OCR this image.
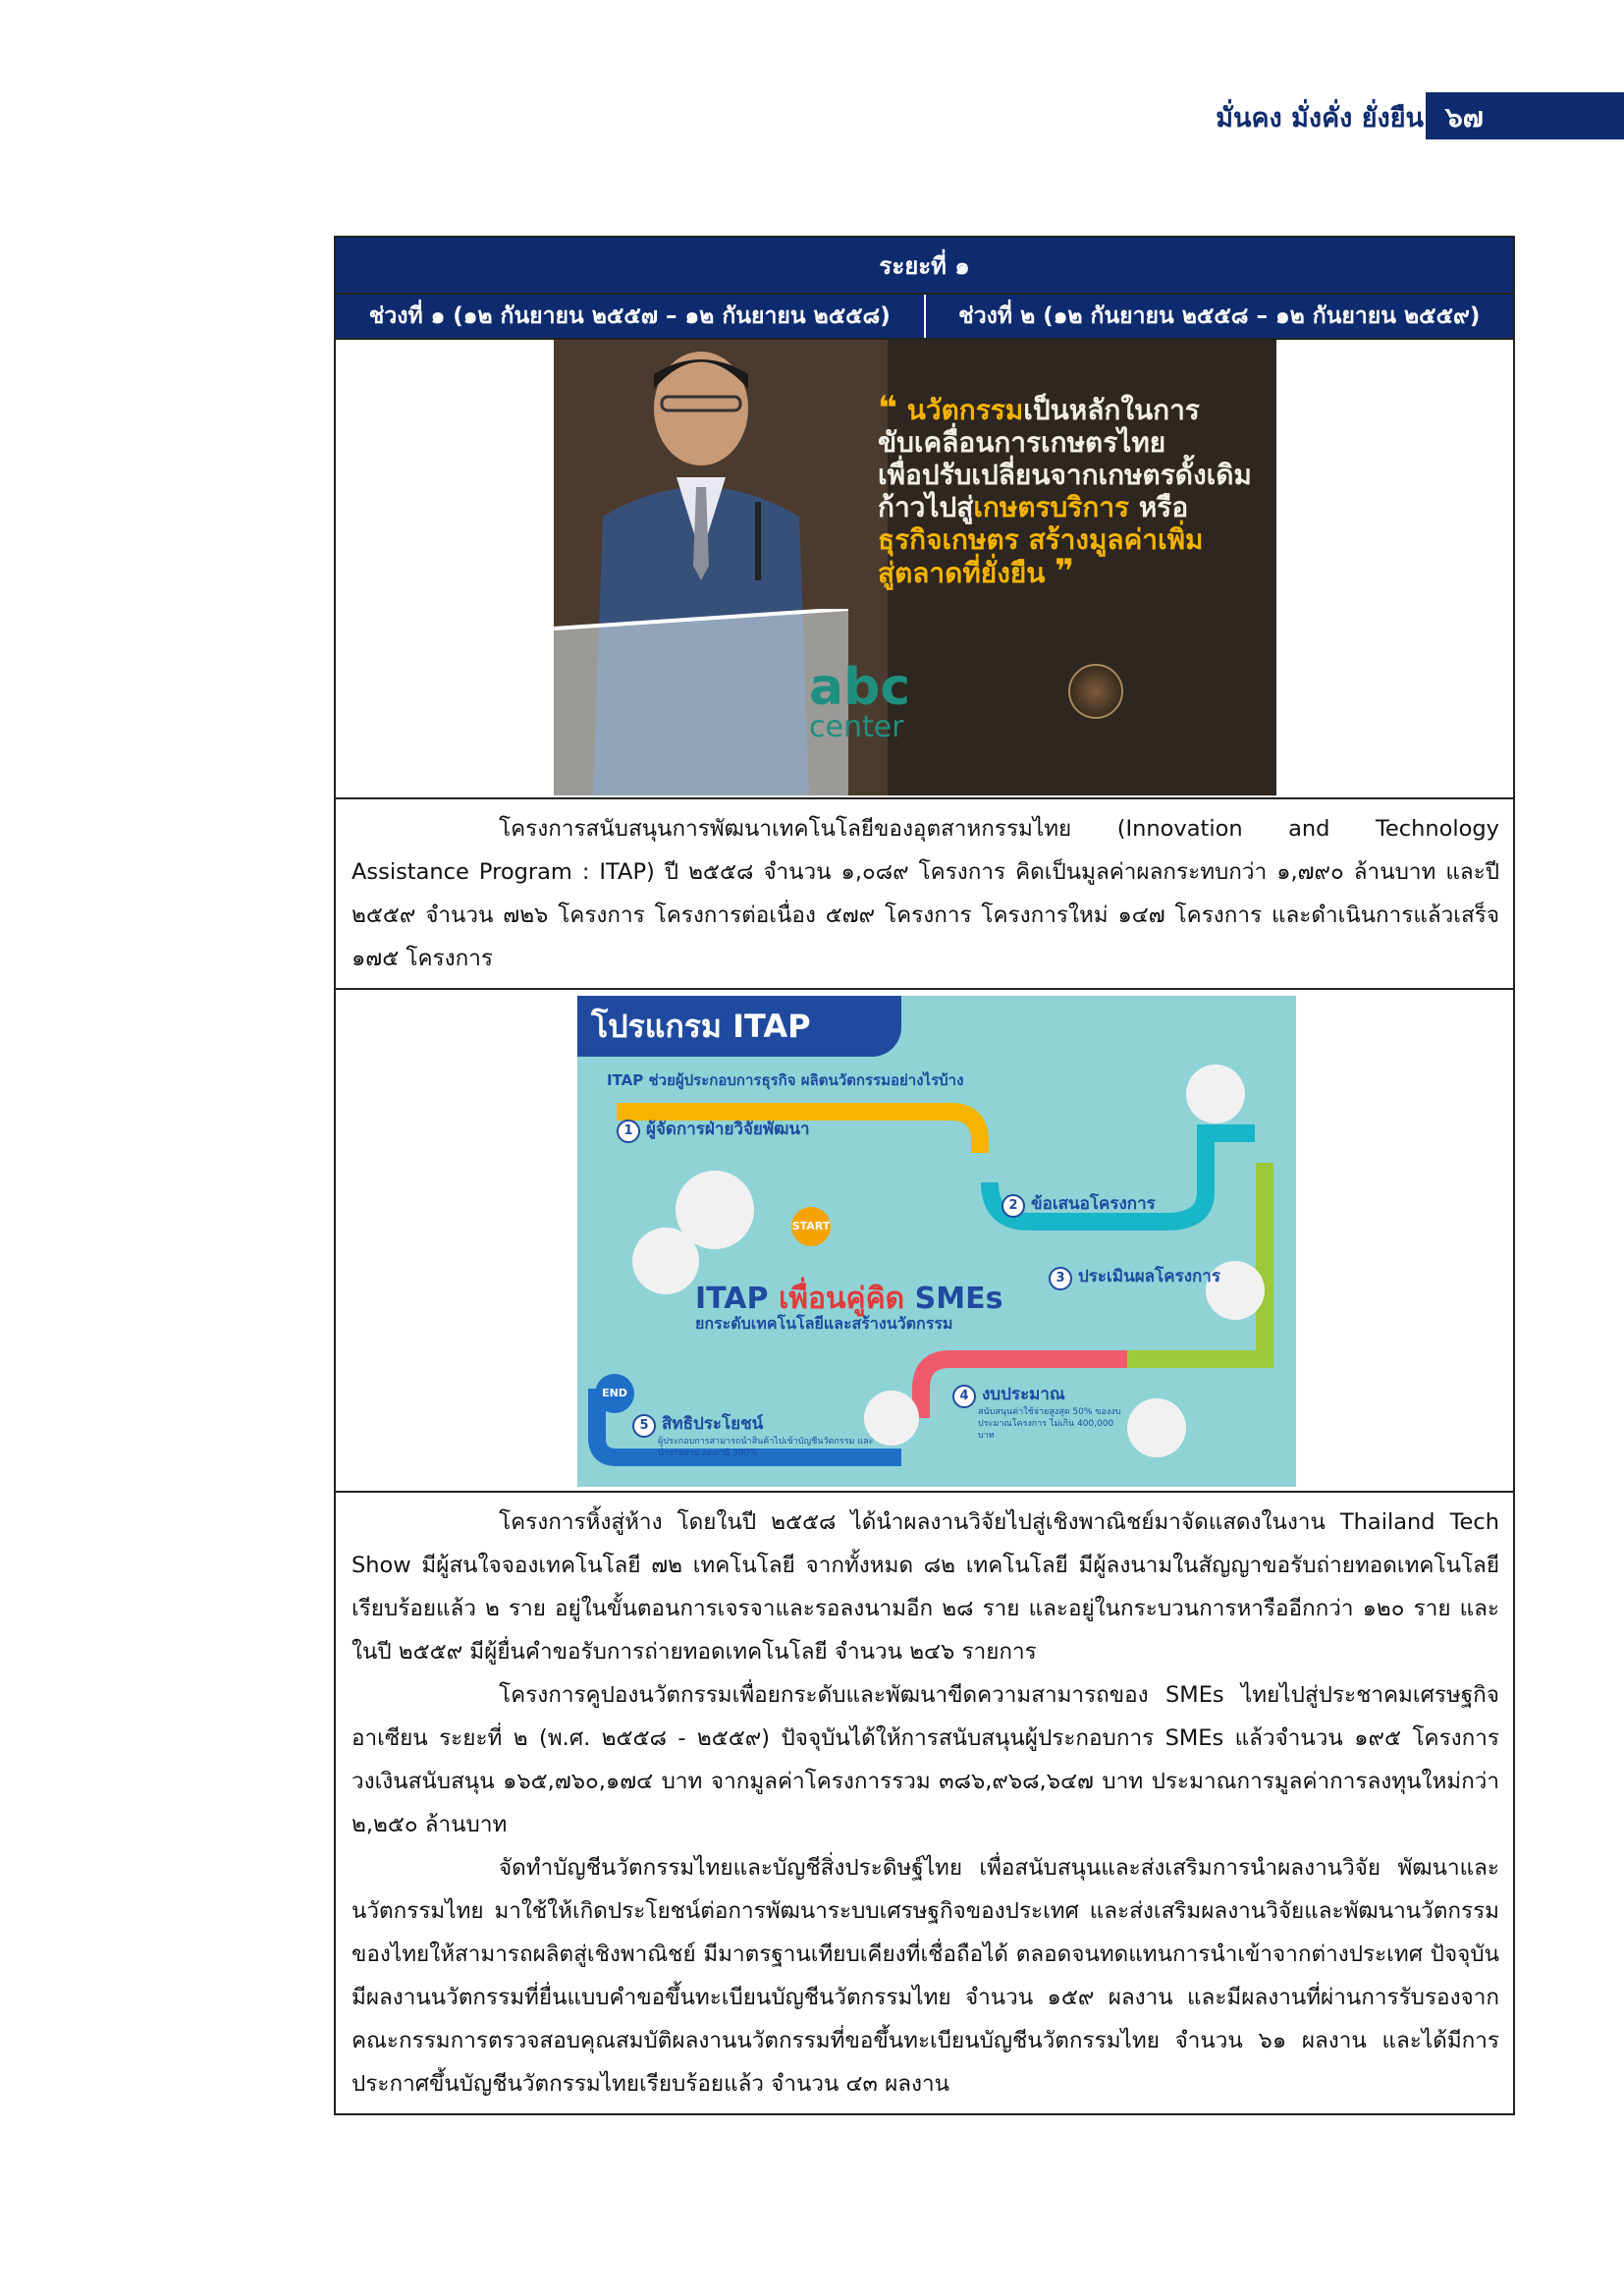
มั่นคง มั่งคั่ง ยั่งยืน ๖๗
ระยะที่ ๑
ช่วงที่ ๑ (๑๒ กันยายน ๒๕๕๗ – ๑๒ กันยายน ๒๕๕๘)	ช่วงที่ ๒ (๑๒ กันยายน ๒๕๕๘ – ๑๒ กันยายน ๒๕๕๙)
abc
center
❝ นวัตกรรมเป็นหลักในการ
ขับเคลื่อนการเกษตรไทย
เพื่อปรับเปลี่ยนจากเกษตรดั้งเดิม
ก้าวไปสู่เกษตรบริการ หรือ
ธุรกิจเกษตร สร้างมูลค่าเพิ่ม
สู่ตลาดที่ยั่งยืน ❞

โครงการสนับสนุนการพัฒนาเทคโนโลยีของอุตสาหกรรมไทย (Innovation and Technology Assistance Program : ITAP) ปี ๒๕๕๘ จำนวน ๑,๐๘๙ โครงการ คิดเป็นมูลค่าผลกระทบกว่า ๑,๗๙๐ ล้านบาท และปี ๒๕๕๙ จำนวน ๗๒๖ โครงการ โครงการต่อเนื่อง ๕๗๙ โครงการ โครงการใหม่ ๑๔๗ โครงการ และดำเนินการแล้วเสร็จ ๑๗๕ โครงการ

โปรแกรม ITAP
ITAP ช่วยผู้ประกอบการธุรกิจ ผลิตนวัตกรรมอย่างไรบ้าง
ITAP เพื่อนคู่คิด SMEs
ยกระดับเทคโนโลยีและสร้างนวัตกรรม
START
END
1 ผู้จัดการฝ่ายวิจัยพัฒนา
2 ข้อเสนอโครงการ
3 ประเมินผลโครงการ
4 งบประมาณ
5 สิทธิประโยชน์
สนับสนุนค่าใช้จ่ายสูงสุด 50% ของงบประมาณโครงการ ไม่เกิน 400,000 บาท
ผู้ประกอบการสามารถนำสินค้าไปเข้าบัญชีนวัตกรรม และนำรายจ่าย ลดภาษี 300%

โครงการหิ้งสู่ห้าง โดยในปี ๒๕๕๘ ได้นำผลงานวิจัยไปสู่เชิงพาณิชย์มาจัดแสดงในงาน Thailand Tech Show มีผู้สนใจจองเทคโนโลยี ๗๒ เทคโนโลยี จากทั้งหมด ๘๒ เทคโนโลยี มีผู้ลงนามในสัญญาขอรับถ่ายทอดเทคโนโลยีเรียบร้อยแล้ว ๒ ราย อยู่ในขั้นตอนการเจรจาและรอลงนามอีก ๒๘ ราย และอยู่ในกระบวนการหารืออีกกว่า ๑๒๐ ราย และในปี ๒๕๕๙ มีผู้ยื่นคำขอรับการถ่ายทอดเทคโนโลยี จำนวน ๒๔๖ รายการ

โครงการคูปองนวัตกรรมเพื่อยกระดับและพัฒนาขีดความสามารถของ SMEs ไทยไปสู่ประชาคมเศรษฐกิจอาเซียน ระยะที่ ๒ (พ.ศ. ๒๕๕๘ - ๒๕๕๙) ปัจจุบันได้ให้การสนับสนุนผู้ประกอบการ SMEs แล้วจำนวน ๑๙๕ โครงการ วงเงินสนับสนุน ๑๖๕,๗๖๐,๑๗๔ บาท จากมูลค่าโครงการรวม ๓๘๖,๙๖๘,๖๔๗ บาท ประมาณการมูลค่าการลงทุนใหม่กว่า ๒,๒๕๐ ล้านบาท

จัดทำบัญชีนวัตกรรมไทยและบัญชีสิ่งประดิษฐ์ไทย เพื่อสนับสนุนและส่งเสริมการนำผลงานวิจัย พัฒนาและนวัตกรรมไทย มาใช้ให้เกิดประโยชน์ต่อการพัฒนาระบบเศรษฐกิจของประเทศ และส่งเสริมผลงานวิจัยและพัฒนานวัตกรรมของไทยให้สามารถผลิตสู่เชิงพาณิชย์ มีมาตรฐานเทียบเคียงที่เชื่อถือได้ ตลอดจนทดแทนการนำเข้าจากต่างประเทศ ปัจจุบันมีผลงานนวัตกรรมที่ยื่นแบบคำขอขึ้นทะเบียนบัญชีนวัตกรรมไทย จำนวน ๑๕๙ ผลงาน และมีผลงานที่ผ่านการรับรองจากคณะกรรมการตรวจสอบคุณสมบัติผลงานนวัตกรรมที่ขอขึ้นทะเบียนบัญชีนวัตกรรมไทย จำนวน ๖๑ ผลงาน และได้มีการประกาศขึ้นบัญชีนวัตกรรมไทยเรียบร้อยแล้ว จำนวน ๔๓ ผลงาน
